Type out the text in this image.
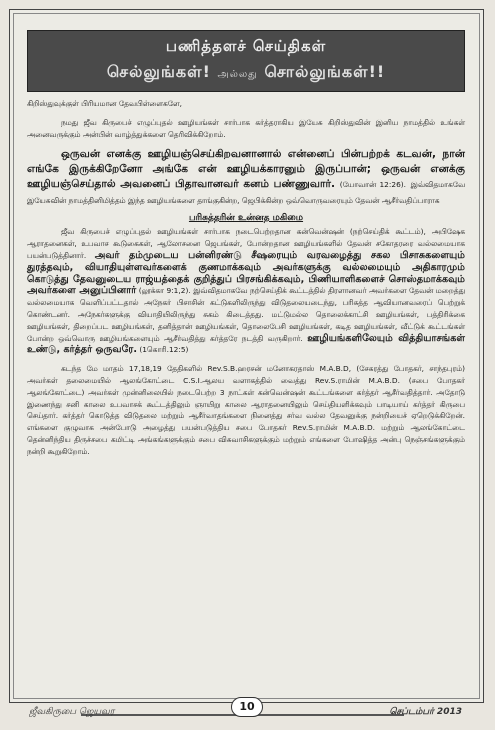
பணித்தளச் செய்திகள்
செல்லுங்கள்! அல்லது சொல்லுங்கள்!!

கிறிஸ்துவுக்குள் பிரியமான தேவபிள்ளைகளே,

நமது ஜீவ கிருபைச் எழுப்புதல் ஊழியங்கள் சார்பாக கர்த்தராகிய இயேசு கிறிஸ்துவின் இனிய நாமத்தில் உங்கள் அனைவருக்கும் அன்பின் வாழ்த்துக்களை தெரிவிக்கிறோம்.

ஒருவன் எனக்கு ஊழியஞ்செய்கிறவனானால் என்னைப் பின்பற்றக் கடவன், நான் எங்கே இருக்கிறேனோ அங்கே என் ஊழியக்காரனும் இருப்பான்; ஒருவன் எனக்கு ஊழியஞ்செய்தால் அவனைப் பிதாவானவர் கனம் பண்ணுவார். (யோவான் 12:26). இவ்விதமாகவே இயேசுவின் நாமத்தினிமித்தம் இந்த ஊழியங்களை தாங்குகின்ற, ஜெபிக்கின்ற ஒவ்வொருவரையும் தேவன் ஆசீர்வதிப்பாராக

பரிசுத்தரின் உன்னத மகிமை

ஜீவ கிருபைச் எழுப்புதல் ஊழியங்கள் சார்பாக நடைபெற்றதான கன்வென்ஷன் (நற்செய்திக் கூட்டம்), அபிஷேக ஆராதனைகள், உபவாச கூடுகைகள், ஆலோசனை ஜெபங்கள், போன்றதான ஊழியங்களில் தேவன் சகோதரரை வல்லமையாக பயன்படுத்தினார். அவர் தம்முடைய பன்னிரண்டு சீஷரையும் வரவழைத்து சகல பிசாசுகளையும் துரத்தவும், வியாதியுள்ளவர்களைக் குணமாக்கவும் அவர்களுக்கு வல்லமையும் அதிகாரமும் கொடுத்து தேவனுடைய ராஜ்யத்தைக் குறித்துப் பிரசங்கிக்கவும், பிணியாளிகளைச் சொஸ்தமாக்கவும் அவர்களை அனுப்பினார் (லூக்கா 9:1,2). இவ்விதமாகவே நற்செய்திக் கூட்டத்தில் திரளானவர் அவர்களை தேவன் மறைத்து வல்லமையாக வெளிப்பட்டதால் அநேகர் பிசாசின் கட்டுகளிலிருந்து விடுதலையடைந்து, பரிசுத்த ஆவியானவரைப் பெற்றுக் கொண்டனர். அநேகர்களுக்கு வியாதியிலிருந்து சுகம் கிடைத்தது. மட்டுமல்ல தொலைக்காட்சி ஊழியங்கள், பத்திரிக்கை ஊழியங்கள், திறைப்பட ஊழியங்கள், தனித்தான் ஊழியங்கள், தொலைபேசி ஊழியங்கள், கடித ஊழியங்கள், வீட்டுக் கூட்டங்கள் போன்ற ஒவ்வொரு ஊழியங்களையும் ஆசீர்வதித்து கர்த்தரே நடத்தி வருகிறார். ஊழியங்களிலேயும் வித்தியாசங்கள் உண்டு, கர்த்தர் ஒருவரே. (1கொரி.12:5)

கடந்த மே மாதம் 17,18,19 தேதிகளில் Rev.S.B.ஹரசன் மனோகரதாஸ் M.A.B.D, (சேகரத்து போதகர், சாந்தபுரம்) அவர்கள் தலைமையில் ஆலங்கோட்டை C.S.I.ஆலய வளாகத்தில் வைத்து Rev.S.ராமின் M.A.B.D. (சபை போதகர் ஆலங்கோட்டை) அவர்கள் முன்னிலையில் நடைபெற்ற 3 நாட்கள் கன்வென்ஷன் கூட்டங்களை கர்த்தர் ஆசீர்வதித்தார். அதோடு இணைந்து சனி காலை உபவாசக் கூட்டத்திலும் ஞாயிறு காலை ஆராதனையிலும் செய்தியளிக்கவும் பாடியாய் கர்த்தர் கிருபை செய்தார். கர்த்தர் கொடுத்த விடுதலை மற்றும் ஆசீர்வாதங்களை நினைத்து சர்வ வல்ல தேவனுக்கு நன்றியைச் ஏறெடுக்கிறேன். எங்களை குழுவாக அன்போடு அழைத்து பயன்படுத்திய சபை போதகர் Rev.S.ராமின் M.A.B.D. மற்றும் ஆலங்கோட்டை தென்னிந்திய திருச்சபை கமிட்டி அங்கங்களுக்கும் சபை விசுவாசிகளுக்கும் மற்றும் எங்களை போஷித்த அன்பு நெஞ்சங்களுக்கும் நன்றி கூறுகிறோம்.

ஜீவகிருபை ஜெயவர	10	செப்டம்பர் 2013
